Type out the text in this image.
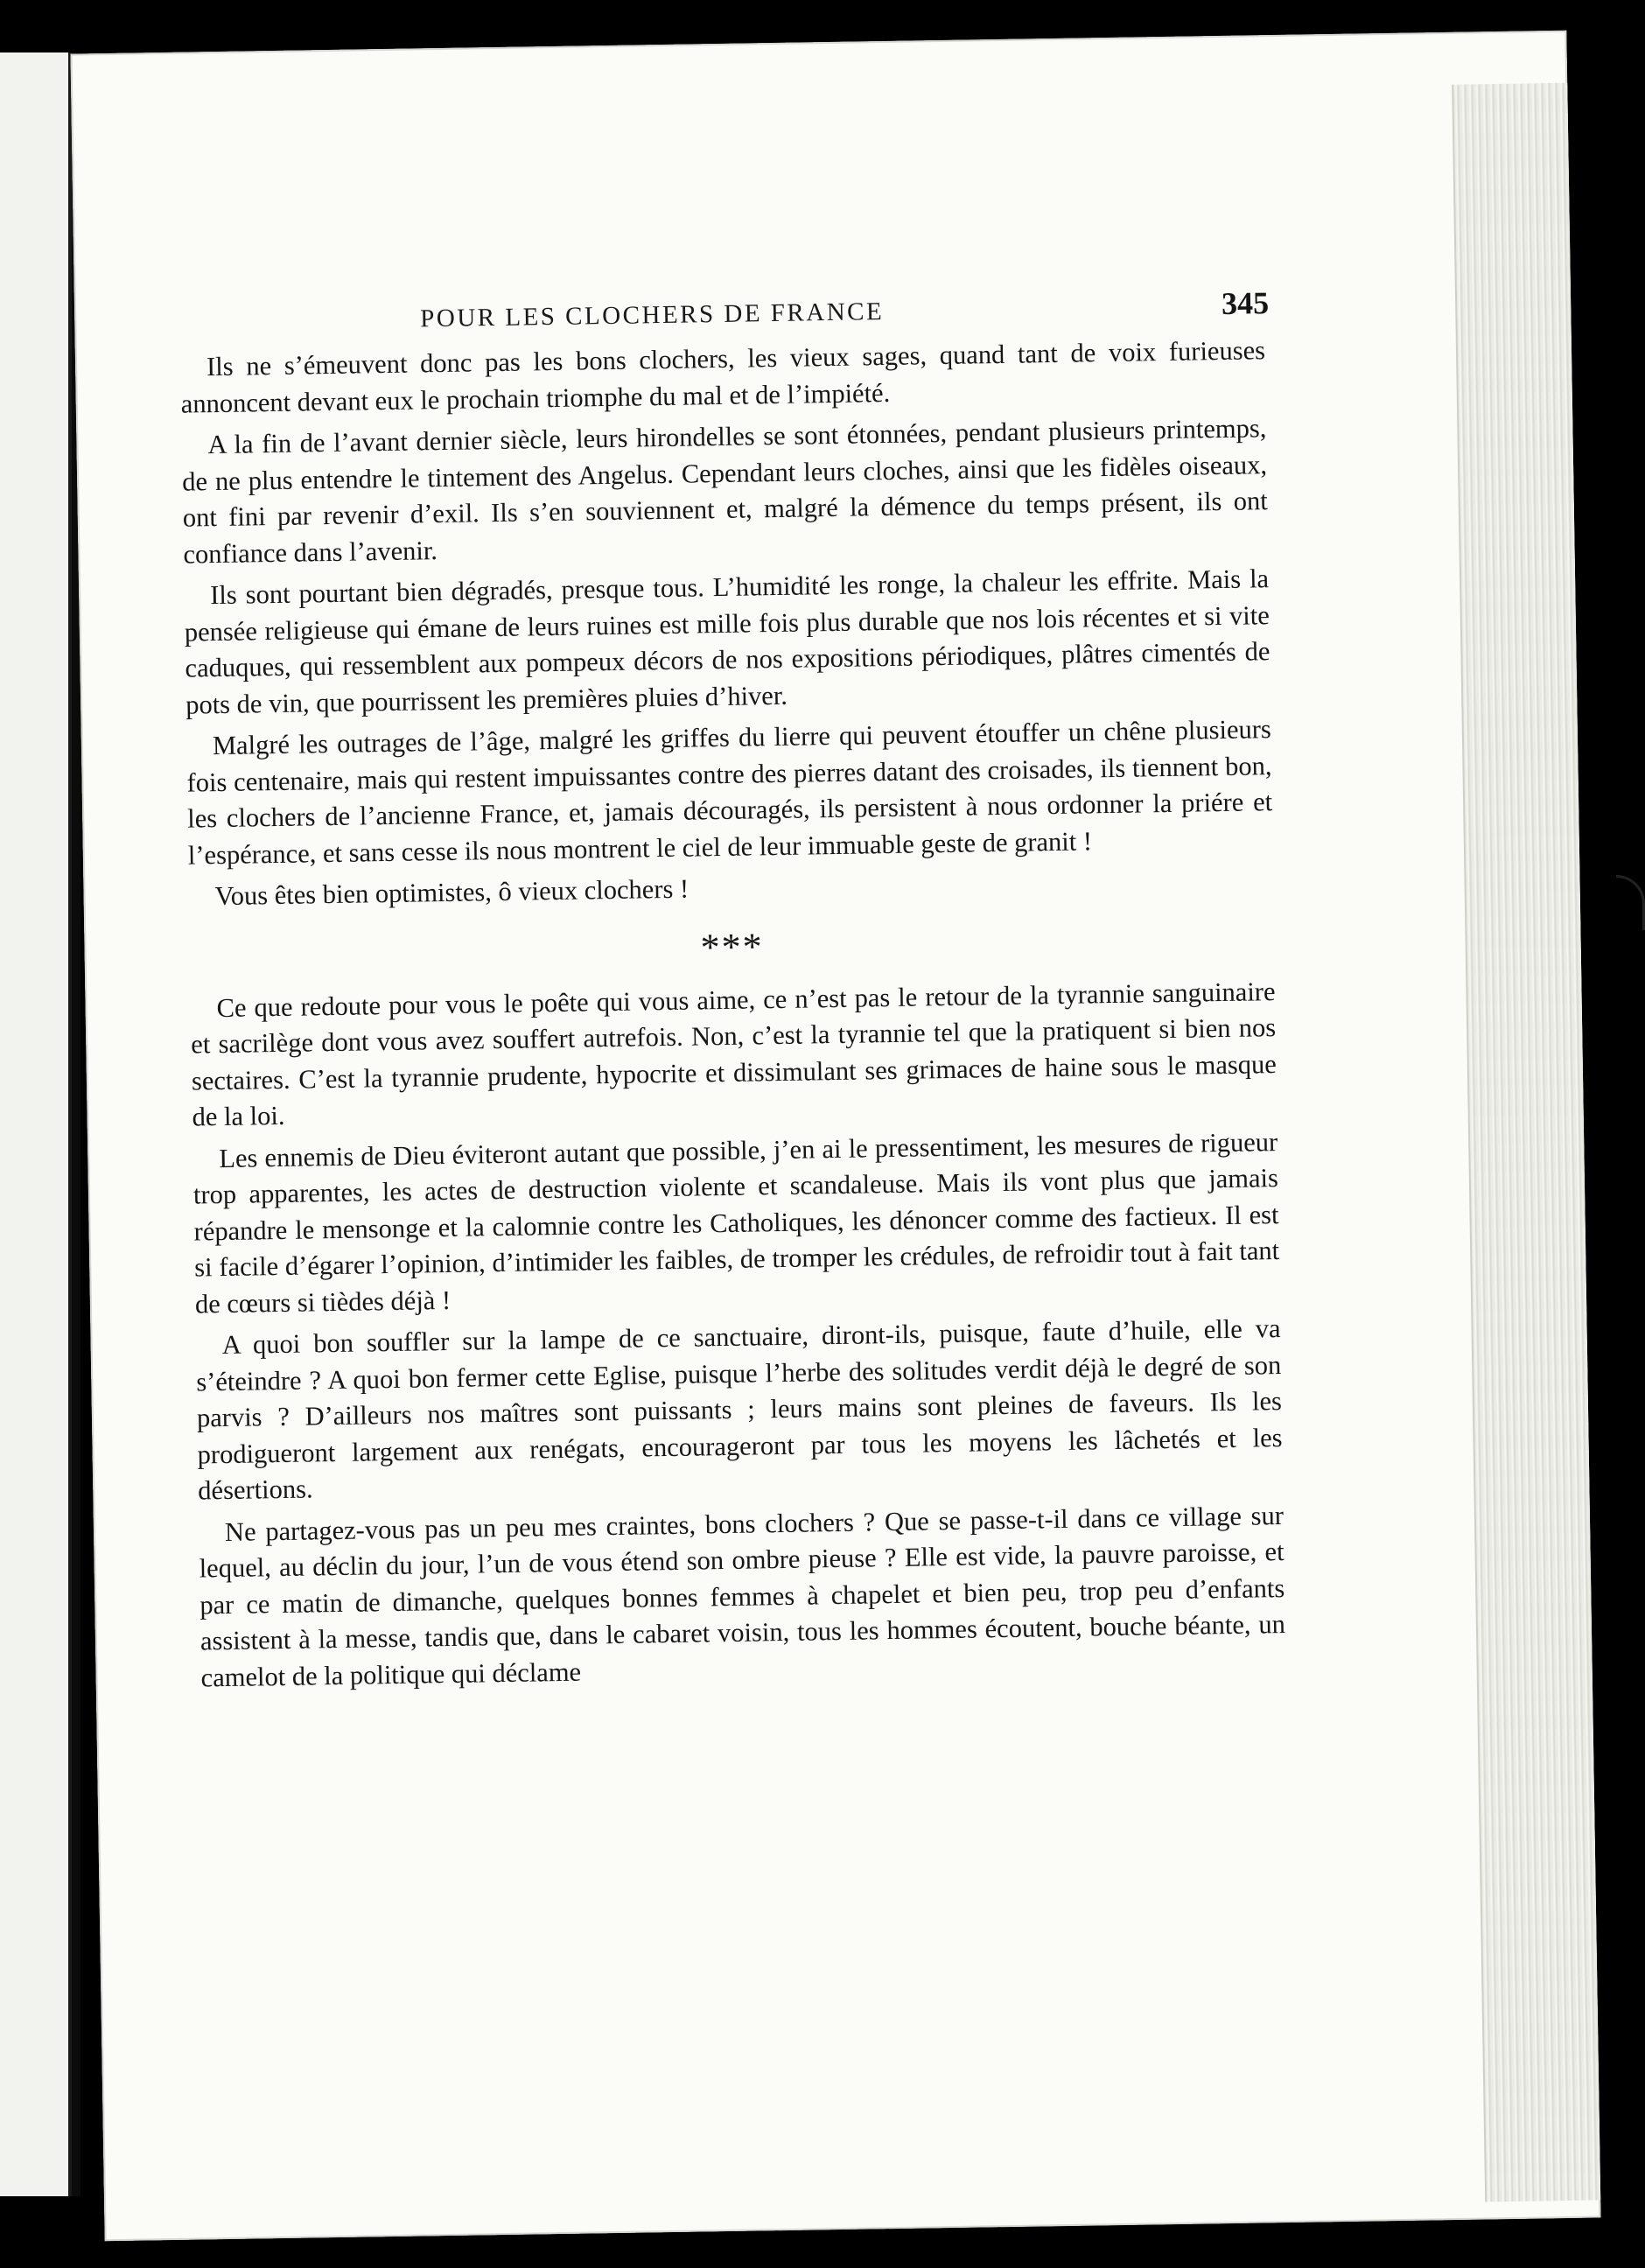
POUR LES CLOCHERS DE FRANCE	345

Ils ne s’émeuvent donc pas les bons clochers, les vieux sages, quand tant de voix furieuses annoncent devant eux le prochain triomphe du mal et de l’impiété.

A la fin de l’avant dernier siècle, leurs hirondelles se sont étonnées, pendant plusieurs printemps, de ne plus entendre le tintement des Angelus. Cependant leurs cloches, ainsi que les fidèles oiseaux, ont fini par revenir d’exil. Ils s’en souviennent et, malgré la démence du temps présent, ils ont confiance dans l’avenir.

Ils sont pourtant bien dégradés, presque tous. L’humidité les ronge, la chaleur les effrite. Mais la pensée religieuse qui émane de leurs ruines est mille fois plus durable que nos lois récentes et si vite caduques, qui ressemblent aux pompeux décors de nos expositions périodiques, plâtres cimentés de pots de vin, que pourrissent les premières pluies d’hiver.

Malgré les outrages de l’âge, malgré les griffes du lierre qui peuvent étouffer un chêne plusieurs fois centenaire, mais qui restent impuissantes contre des pierres datant des croisades, ils tiennent bon, les clochers de l’ancienne France, et, jamais découragés, ils persistent à nous ordonner la priére et l’espérance, et sans cesse ils nous montrent le ciel de leur immuable geste de granit !

Vous êtes bien optimistes, ô vieux clochers !

***

Ce que redoute pour vous le poête qui vous aime, ce n’est pas le retour de la tyrannie sanguinaire et sacrilège dont vous avez souffert autrefois. Non, c’est la tyrannie tel que la pratiquent si bien nos sectaires. C’est la tyrannie prudente, hypocrite et dissimulant ses grimaces de haine sous le masque de la loi.

Les ennemis de Dieu éviteront autant que possible, j’en ai le pressentiment, les mesures de rigueur trop apparentes, les actes de destruction violente et scandaleuse. Mais ils vont plus que jamais répandre le mensonge et la calomnie contre les Catholiques, les dénoncer comme des factieux. Il est si facile d’égarer l’opinion, d’intimider les faibles, de tromper les crédules, de refroidir tout à fait tant de cœurs si tièdes déjà !

A quoi bon souffler sur la lampe de ce sanctuaire, diront-ils, puisque, faute d’huile, elle va s’éteindre ? A quoi bon fermer cette Eglise, puisque l’herbe des solitudes verdit déjà le degré de son parvis ? D’ailleurs nos maîtres sont puissants ; leurs mains sont pleines de faveurs. Ils les prodigueront largement aux renégats, encourageront par tous les moyens les lâchetés et les désertions.

Ne partagez-vous pas un peu mes craintes, bons clochers ? Que se passe-t-il dans ce village sur lequel, au déclin du jour, l’un de vous étend son ombre pieuse ? Elle est vide, la pauvre paroisse, et par ce matin de dimanche, quelques bonnes femmes à chapelet et bien peu, trop peu d’enfants assistent à la messe, tandis que, dans le cabaret voisin, tous les hommes écoutent, bouche béante, un camelot de la politique qui déclame
